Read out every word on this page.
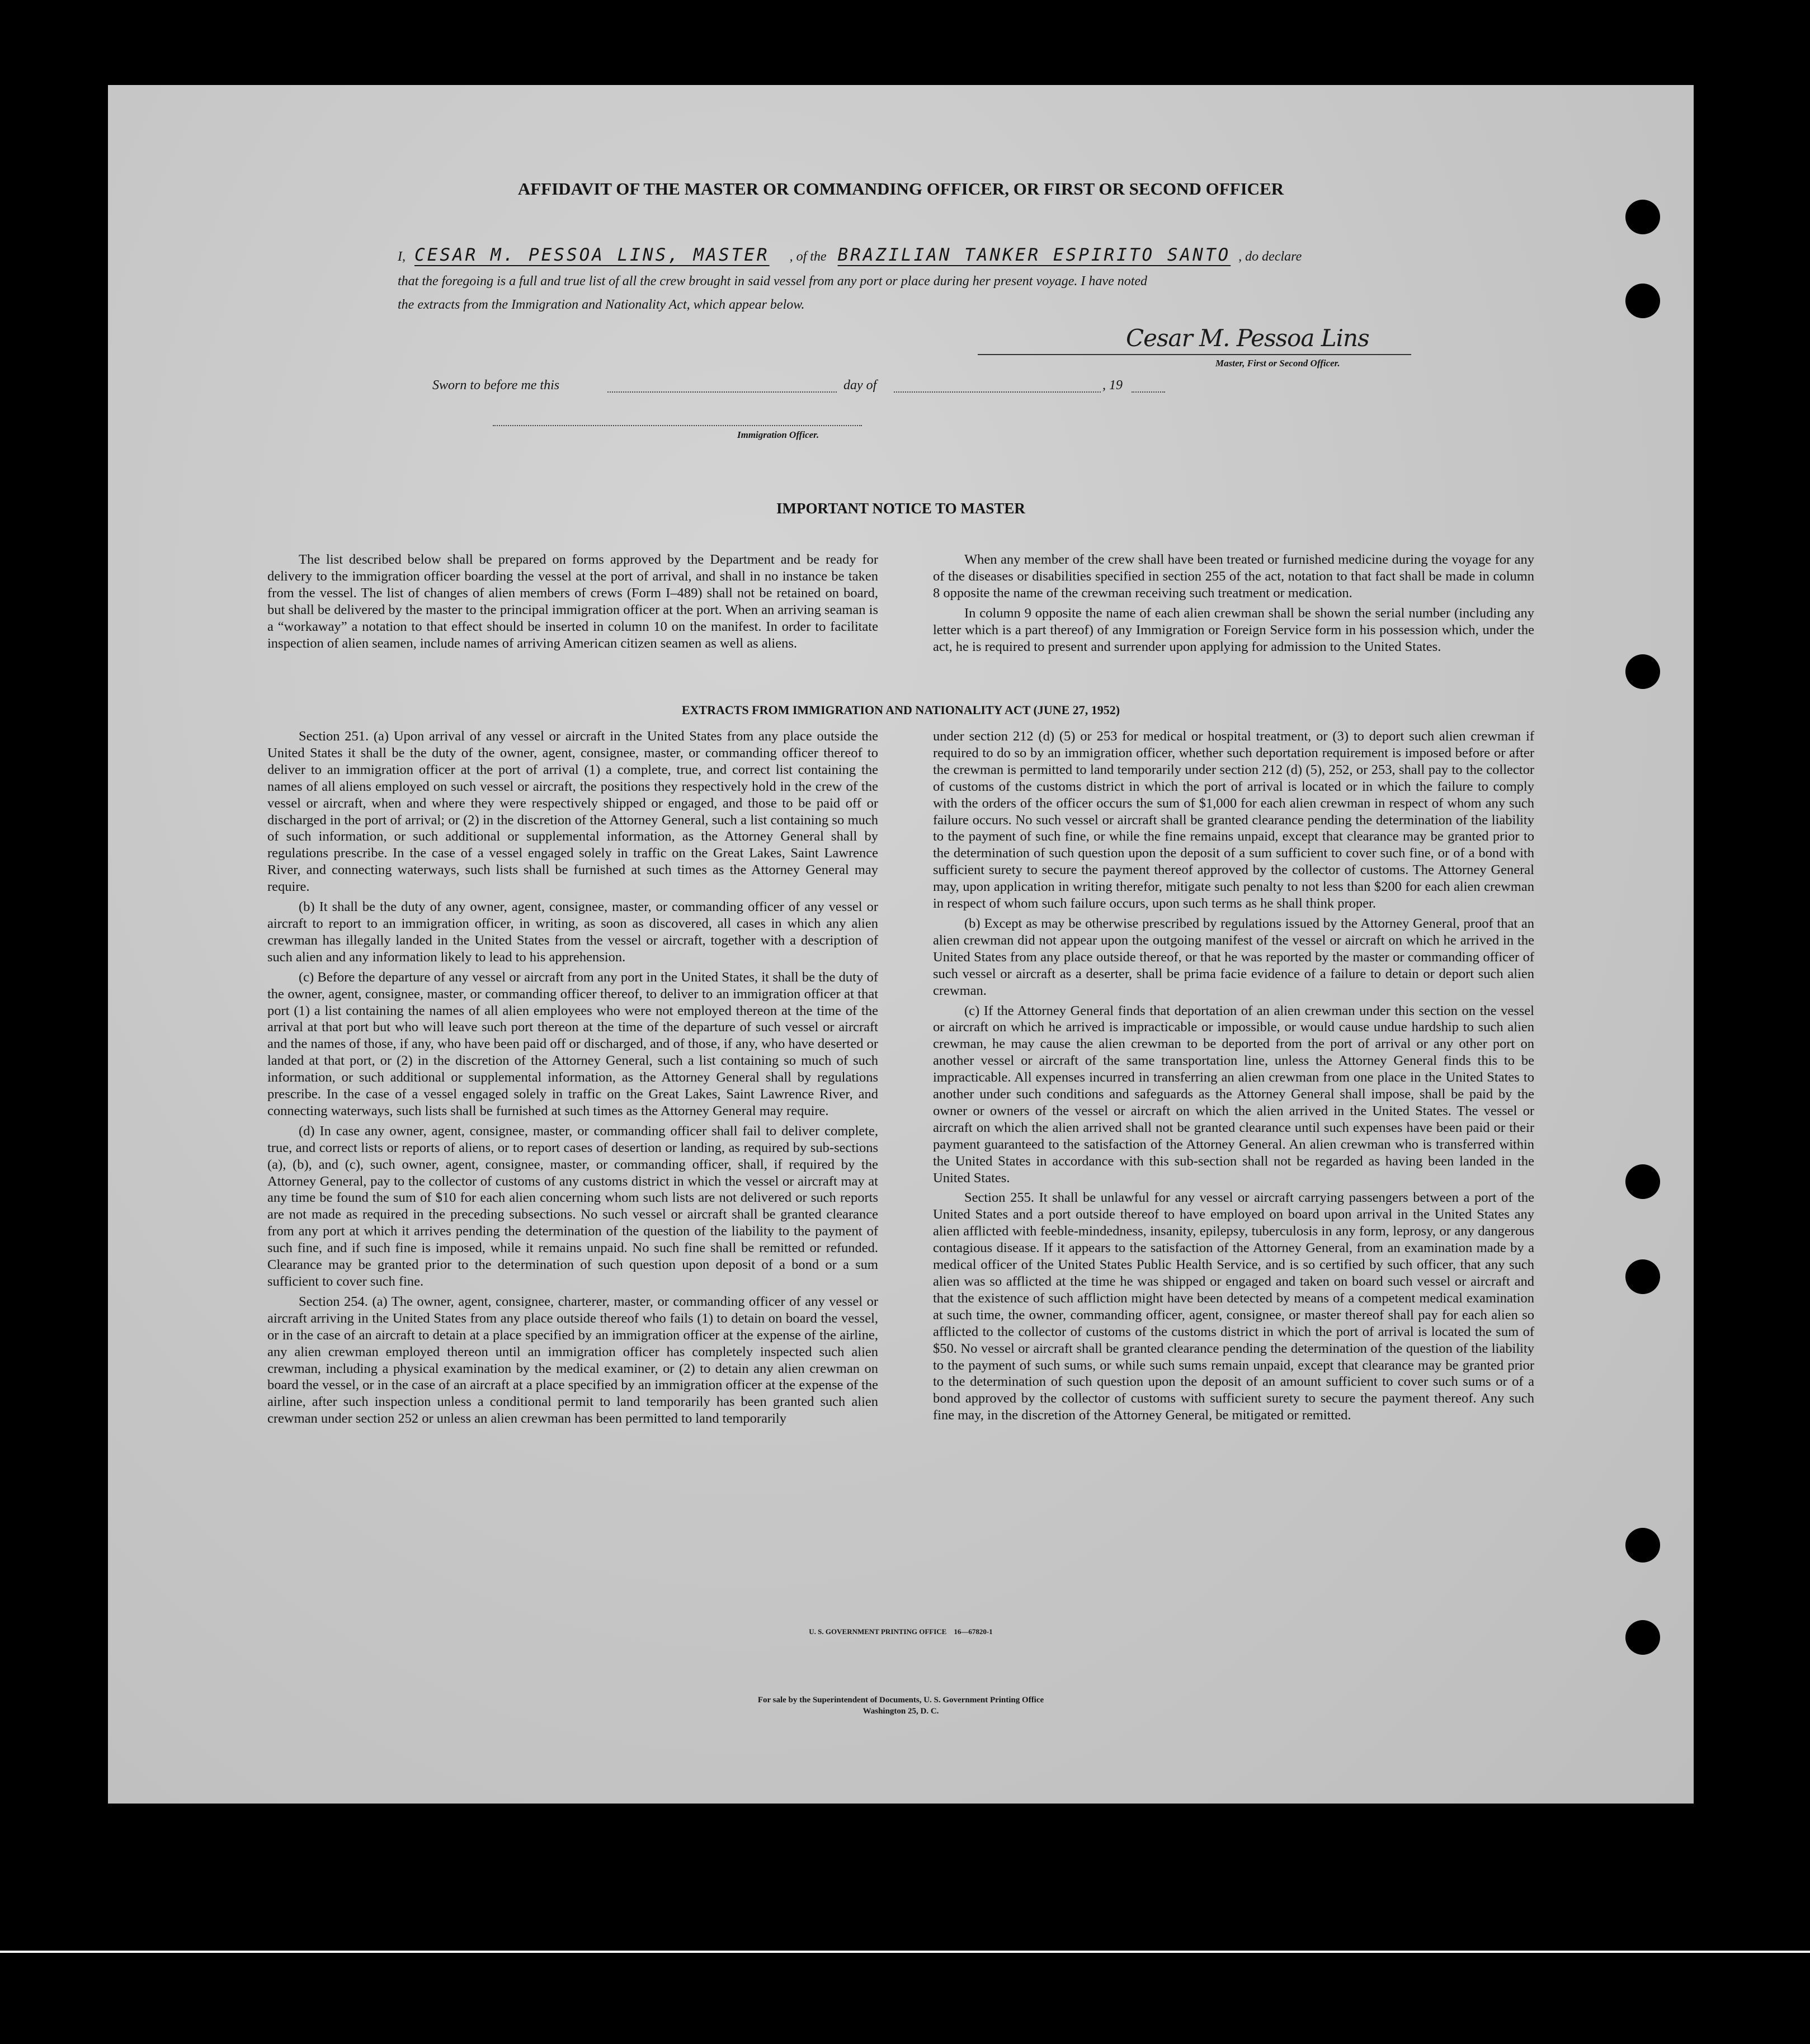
AFFIDAVIT OF THE MASTER OR COMMANDING OFFICER, OR FIRST OR SECOND OFFICER
I, CESAR M. PESSOA LINS, MASTER , of the BRAZILIAN TANKER ESPIRITO SANTO , do declare
that the foregoing is a full and true list of all the crew brought in said vessel from any port or place during her present voyage. I have noted
the extracts from the Immigration and Nationality Act, which appear below.
Cesar M. Pessoa Lins
Master, First or Second Officer.
Sworn to before me this	day of	, 19
Immigration Officer.
IMPORTANT NOTICE TO MASTER

The list described below shall be prepared on forms approved by the Department and be ready for delivery to the immigration officer boarding the vessel at the port of arrival, and shall in no instance be taken from the vessel. The list of changes of alien members of crews (Form I–489) shall not be retained on board, but shall be delivered by the master to the principal immigration officer at the port. When an arriving seaman is a “workaway” a notation to that effect should be inserted in column 10 on the manifest. In order to facilitate inspection of alien seamen, include names of arriving American citizen seamen as well as aliens.

When any member of the crew shall have been treated or furnished medicine during the voyage for any of the diseases or disabilities specified in section 255 of the act, notation to that fact shall be made in column 8 opposite the name of the crewman receiving such treatment or medication.

In column 9 opposite the name of each alien crewman shall be shown the serial number (including any letter which is a part thereof) of any Immigration or Foreign Service form in his possession which, under the act, he is required to present and surrender upon applying for admission to the United States.

EXTRACTS FROM IMMIGRATION AND NATIONALITY ACT (JUNE 27, 1952)

Section 251. (a) Upon arrival of any vessel or aircraft in the United States from any place outside the United States it shall be the duty of the owner, agent, consignee, master, or commanding officer thereof to deliver to an immigration officer at the port of arrival (1) a complete, true, and correct list containing the names of all aliens employed on such vessel or aircraft, the positions they respectively hold in the crew of the vessel or aircraft, when and where they were respectively shipped or engaged, and those to be paid off or discharged in the port of arrival; or (2) in the discretion of the Attorney General, such a list containing so much of such information, or such additional or supplemental information, as the Attorney General shall by regulations prescribe. In the case of a vessel engaged solely in traffic on the Great Lakes, Saint Lawrence River, and connecting waterways, such lists shall be furnished at such times as the Attorney General may require.

(b) It shall be the duty of any owner, agent, consignee, master, or commanding officer of any vessel or aircraft to report to an immigration officer, in writing, as soon as discovered, all cases in which any alien crewman has illegally landed in the United States from the vessel or aircraft, together with a description of such alien and any information likely to lead to his apprehension.

(c) Before the departure of any vessel or aircraft from any port in the United States, it shall be the duty of the owner, agent, consignee, master, or commanding officer thereof, to deliver to an immigration officer at that port (1) a list containing the names of all alien employees who were not employed thereon at the time of the arrival at that port but who will leave such port thereon at the time of the departure of such vessel or aircraft and the names of those, if any, who have been paid off or discharged, and of those, if any, who have deserted or landed at that port, or (2) in the discretion of the Attorney General, such a list containing so much of such information, or such additional or supplemental information, as the Attorney General shall by regulations prescribe. In the case of a vessel engaged solely in traffic on the Great Lakes, Saint Lawrence River, and connecting waterways, such lists shall be furnished at such times as the Attorney General may require.

(d) In case any owner, agent, consignee, master, or commanding officer shall fail to deliver complete, true, and correct lists or reports of aliens, or to report cases of desertion or landing, as required by sub-sections (a), (b), and (c), such owner, agent, consignee, master, or commanding officer, shall, if required by the Attorney General, pay to the collector of customs of any customs district in which the vessel or aircraft may at any time be found the sum of $10 for each alien concerning whom such lists are not delivered or such reports are not made as required in the preceding subsections. No such vessel or aircraft shall be granted clearance from any port at which it arrives pending the determination of the question of the liability to the payment of such fine, and if such fine is imposed, while it remains unpaid. No such fine shall be remitted or refunded. Clearance may be granted prior to the determination of such question upon deposit of a bond or a sum sufficient to cover such fine.

Section 254. (a) The owner, agent, consignee, charterer, master, or commanding officer of any vessel or aircraft arriving in the United States from any place outside thereof who fails (1) to detain on board the vessel, or in the case of an aircraft to detain at a place specified by an immigration officer at the expense of the airline, any alien crewman employed thereon until an immigration officer has completely inspected such alien crewman, including a physical examination by the medical examiner, or (2) to detain any alien crewman on board the vessel, or in the case of an aircraft at a place specified by an immigration officer at the expense of the airline, after such inspection unless a conditional permit to land temporarily has been granted such alien crewman under section 252 or unless an alien crewman has been permitted to land temporarily

under section 212 (d) (5) or 253 for medical or hospital treatment, or (3) to deport such alien crewman if required to do so by an immigration officer, whether such deportation requirement is imposed before or after the crewman is permitted to land temporarily under section 212 (d) (5), 252, or 253, shall pay to the collector of customs of the customs district in which the port of arrival is located or in which the failure to comply with the orders of the officer occurs the sum of $1,000 for each alien crewman in respect of whom any such failure occurs. No such vessel or aircraft shall be granted clearance pending the determination of the liability to the payment of such fine, or while the fine remains unpaid, except that clearance may be granted prior to the determination of such question upon the deposit of a sum sufficient to cover such fine, or of a bond with sufficient surety to secure the payment thereof approved by the collector of customs. The Attorney General may, upon application in writing therefor, mitigate such penalty to not less than $200 for each alien crewman in respect of whom such failure occurs, upon such terms as he shall think proper.

(b) Except as may be otherwise prescribed by regulations issued by the Attorney General, proof that an alien crewman did not appear upon the outgoing manifest of the vessel or aircraft on which he arrived in the United States from any place outside thereof, or that he was reported by the master or commanding officer of such vessel or aircraft as a deserter, shall be prima facie evidence of a failure to detain or deport such alien crewman.

(c) If the Attorney General finds that deportation of an alien crewman under this section on the vessel or aircraft on which he arrived is impracticable or impossible, or would cause undue hardship to such alien crewman, he may cause the alien crewman to be deported from the port of arrival or any other port on another vessel or aircraft of the same transportation line, unless the Attorney General finds this to be impracticable. All expenses incurred in transferring an alien crewman from one place in the United States to another under such conditions and safeguards as the Attorney General shall impose, shall be paid by the owner or owners of the vessel or aircraft on which the alien arrived in the United States. The vessel or aircraft on which the alien arrived shall not be granted clearance until such expenses have been paid or their payment guaranteed to the satisfaction of the Attorney General. An alien crewman who is transferred within the United States in accordance with this sub-section shall not be regarded as having been landed in the United States.

Section 255. It shall be unlawful for any vessel or aircraft carrying passengers between a port of the United States and a port outside thereof to have employed on board upon arrival in the United States any alien afflicted with feeble-mindedness, insanity, epilepsy, tuberculosis in any form, leprosy, or any dangerous contagious disease. If it appears to the satisfaction of the Attorney General, from an examination made by a medical officer of the United States Public Health Service, and is so certified by such officer, that any such alien was so afflicted at the time he was shipped or engaged and taken on board such vessel or aircraft and that the existence of such affliction might have been detected by means of a competent medical examination at such time, the owner, commanding officer, agent, consignee, or master thereof shall pay for each alien so afflicted to the collector of customs of the customs district in which the port of arrival is located the sum of $50. No vessel or aircraft shall be granted clearance pending the determination of the question of the liability to the payment of such sums, or while such sums remain unpaid, except that clearance may be granted prior to the determination of such question upon the deposit of an amount sufficient to cover such sums or of a bond approved by the collector of customs with sufficient surety to secure the payment thereof. Any such fine may, in the discretion of the Attorney General, be mitigated or remitted.

U. S. GOVERNMENT PRINTING OFFICE    16—67820-1
For sale by the Superintendent of Documents, U. S. Government Printing Office
Washington 25, D. C.
